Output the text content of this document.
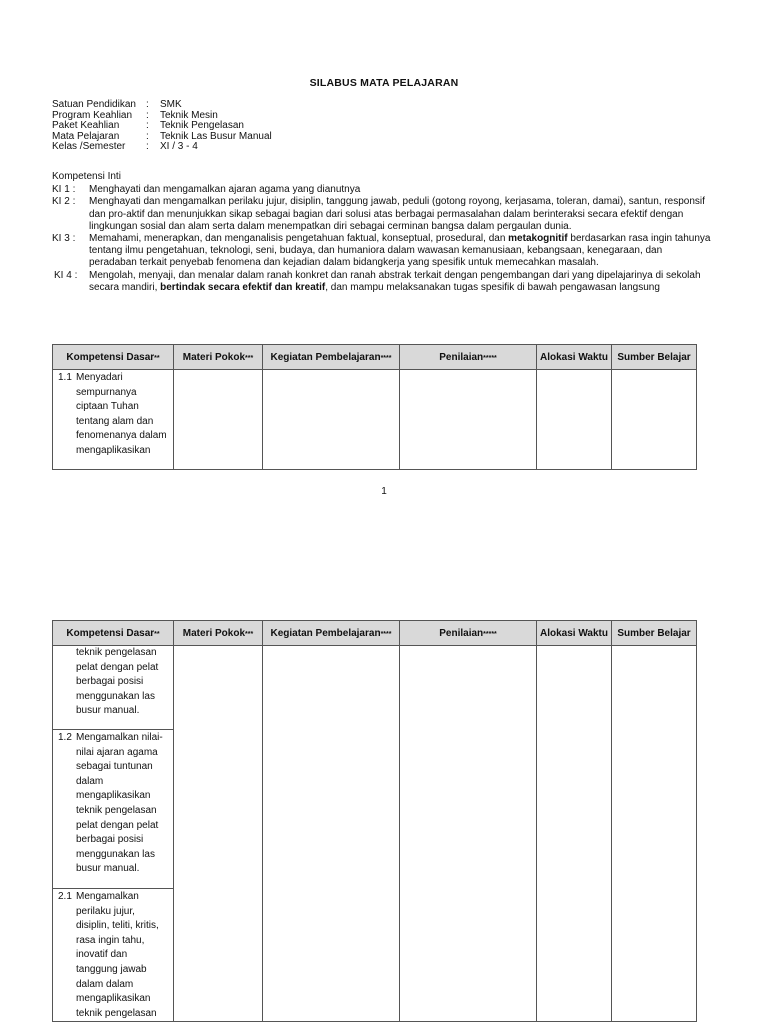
SILABUS MATA PELAJARAN
Satuan Pendidikan	:	SMK
Program Keahlian	:	Teknik Mesin
Paket Keahlian	:	Teknik Pengelasan
Mata Pelajaran	:	Teknik Las Busur Manual
Kelas /Semester	:	XI / 3 - 4
Kompetensi Inti
KI 1 :	Menghayati dan mengamalkan ajaran agama yang dianutnya
KI 2 :	Menghayati dan mengamalkan perilaku jujur, disiplin, tanggung jawab, peduli (gotong royong, kerjasama, toleran, damai), santun, responsif dan pro-aktif dan menunjukkan sikap sebagai bagian dari solusi atas berbagai permasalahan dalam berinteraksi secara efektif dengan lingkungan sosial dan alam serta dalam menempatkan diri sebagai cerminan bangsa dalam pergaulan dunia.
KI 3 :	Memahami, menerapkan, dan menganalisis pengetahuan faktual, konseptual, prosedural, dan metakognitif berdasarkan rasa ingin tahunya tentang ilmu pengetahuan, teknologi, seni, budaya, dan humaniora dalam wawasan kemanusiaan, kebangsaan, kenegaraan, dan peradaban terkait penyebab fenomena dan kejadian dalam bidangkerja yang spesifik untuk memecahkan masalah.
KI 4 :	Mengolah, menyaji, dan menalar dalam ranah konkret dan ranah abstrak terkait dengan pengembangan dari yang dipelajarinya di sekolah secara mandiri, bertindak secara efektif dan kreatif, dan mampu melaksanakan tugas spesifik di bawah pengawasan langsung
Kompetensi Dasar**	Materi Pokok***	Kegiatan Pembelajaran****	Penilaian*****	Alokasi Waktu	Sumber Belajar

1.1 Menyadari sempurnanya ciptaan Tuhan tentang alam dan fenomenanya dalam mengaplikasikan					

1
Kompetensi Dasar**	Materi Pokok***	Kegiatan Pembelajaran****	Penilaian*****	Alokasi Waktu	Sumber Belajar

teknik pengelasan pelat dengan pelat berbagai posisi menggunakan las busur manual.					

1.2 Mengamalkan nilai-nilai ajaran agama sebagai tuntunan dalam mengaplikasikan teknik pengelasan pelat dengan pelat berbagai posisi menggunakan las busur manual.					

2.1 Mengamalkan perilaku jujur, disiplin, teliti, kritis, rasa ingin tahu, inovatif dan tanggung jawab dalam dalam mengaplikasikan teknik pengelasan					
